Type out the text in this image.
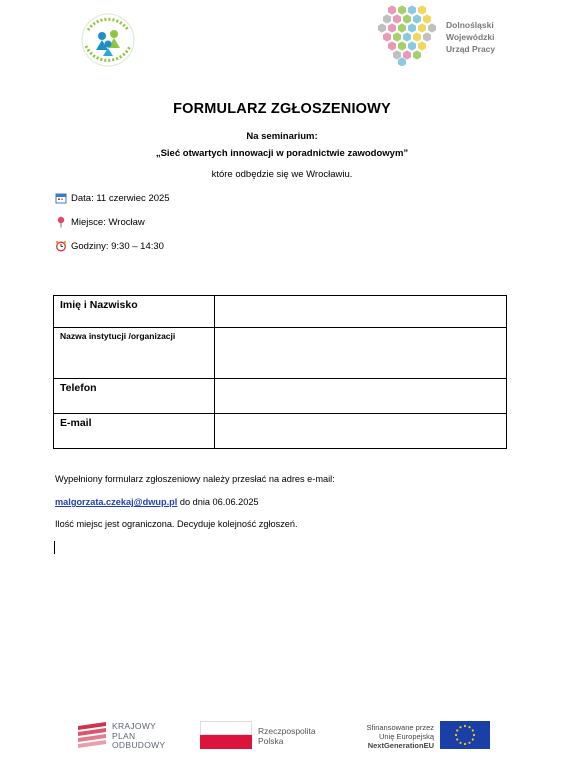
Dolnośląski
Wojewódzki
Urząd Pracy
FORMULARZ ZGŁOSZENIOWY
Na seminarium:
„Sieć otwartych innowacji w poradnictwie zawodowym”
które odbędzie się we Wrocławiu.
Data: 11 czerwiec 2025
Miejsce: Wrocław
Godziny: 9:30 – 14:30
Imię i Nazwisko	
Nazwa instytucji /organizacji	
Telefon	
E-mail	
Wypełniony formularz zgłoszeniowy należy przesłać na adres e-mail:
malgorzata.czekaj@dwup.pl do dnia 06.06.2025
Ilość miejsc jest ograniczona. Decyduje kolejność zgłoszeń.
KRAJOWY
PLAN
ODBUDOWY
Rzeczpospolita
Polska
Sfinansowane przez
Unię Europejską
NextGenerationEU
